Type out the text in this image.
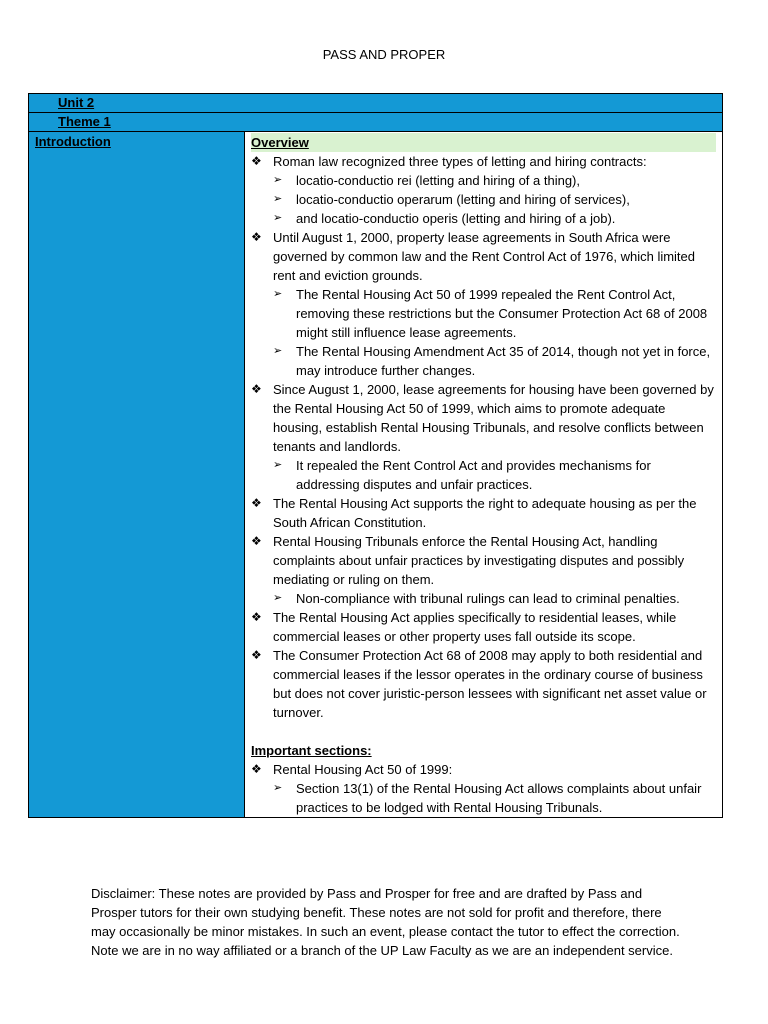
PASS AND PROPER
Unit 2
Theme 1
Introduction	Overview
❖ Roman law recognized three types of letting and hiring contracts:
➢	locatio-conductio rei (letting and hiring of a thing),
➢	locatio-conductio operarum (letting and hiring of services),
➢	and locatio-conductio operis (letting and hiring of a job).
❖ Until August 1, 2000, property lease agreements in South Africa were governed by common law and the Rent Control Act of 1976, which limited rent and eviction grounds.
➢	The Rental Housing Act 50 of 1999 repealed the Rent Control Act, removing these restrictions but the Consumer Protection Act 68 of 2008 might still influence lease agreements.
➢	The Rental Housing Amendment Act 35 of 2014, though not yet in force, may introduce further changes.
❖ Since August 1, 2000, lease agreements for housing have been governed by the Rental Housing Act 50 of 1999, which aims to promote adequate housing, establish Rental Housing Tribunals, and resolve conflicts between tenants and landlords.
➢	It repealed the Rent Control Act and provides mechanisms for addressing disputes and unfair practices.
❖ The Rental Housing Act supports the right to adequate housing as per the South African Constitution.
❖ Rental Housing Tribunals enforce the Rental Housing Act, handling complaints about unfair practices by investigating disputes and possibly mediating or ruling on them.
➢	Non-compliance with tribunal rulings can lead to criminal penalties.
❖ The Rental Housing Act applies specifically to residential leases, while commercial leases or other property uses fall outside its scope.
❖ The Consumer Protection Act 68 of 2008 may apply to both residential and commercial leases if the lessor operates in the ordinary course of business but does not cover juristic-person lessees with significant net asset value or turnover.
Important sections:
❖ Rental Housing Act 50 of 1999:
➢	Section 13(1) of the Rental Housing Act allows complaints about unfair practices to be lodged with Rental Housing Tribunals.
Disclaimer: These notes are provided by Pass and Prosper for free and are drafted by Pass and Prosper tutors for their own studying benefit. These notes are not sold for profit and therefore, there may occasionally be minor mistakes. In such an event, please contact the tutor to effect the correction. Note we are in no way affiliated or a branch of the UP Law Faculty as we are an independent service.
